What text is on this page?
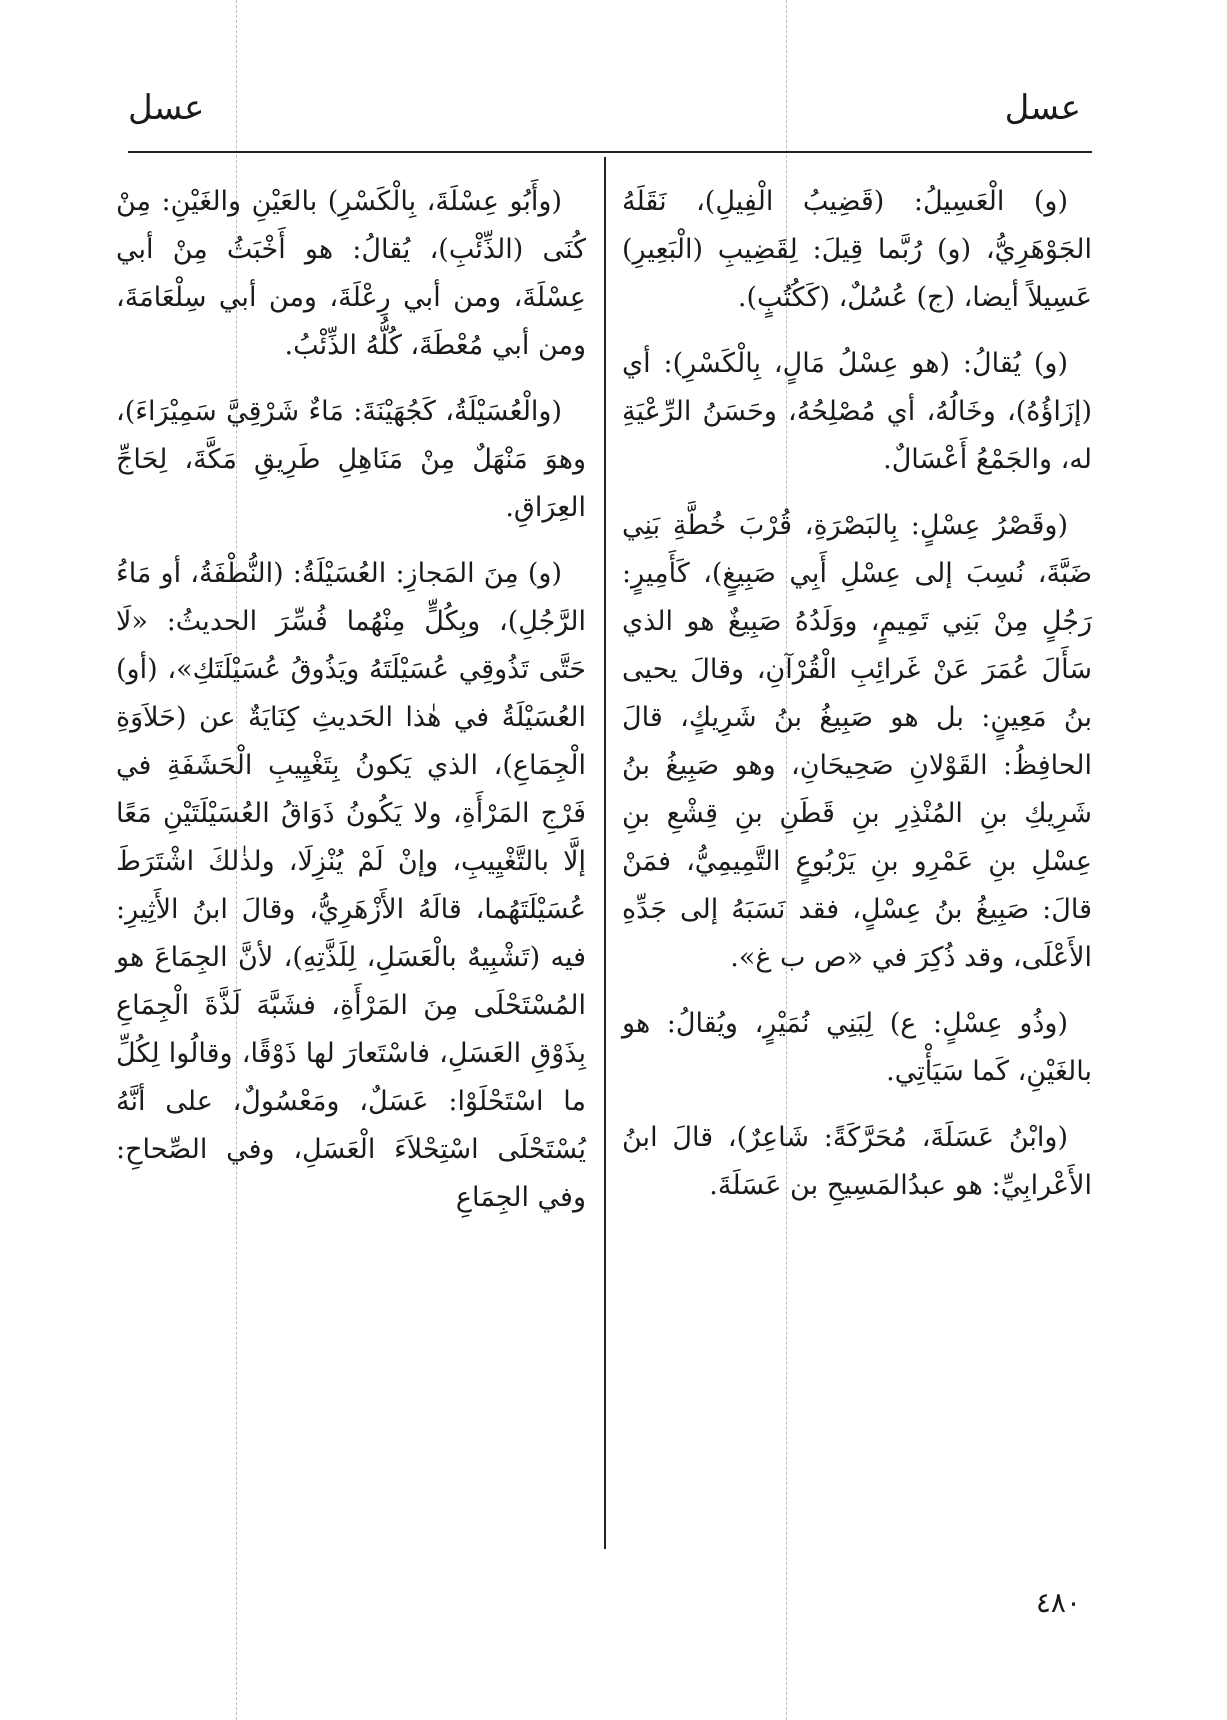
عسل
عسل

(و) الْعَسِيلُ: (قَضِيبُ الْفِيلِ)، نَقَلَهُ الجَوْهَرِيُّ، (و) رُبَّما قِيلَ: لِقَضِيبِ (الْبَعِيرِ) عَسِيلاً أيضا، (ج) عُسُلٌ، (كَكُتُبٍ).

(و) يُقالُ: (هو عِسْلُ مَالٍ، بِالْكَسْرِ): أي (إزَاؤُهُ)، وخَالُهُ، أي مُصْلِحُهُ، وحَسَنُ الرِّعْيَةِ له، والجَمْعُ أَعْسَالٌ.

(وقَصْرُ عِسْلٍ: بِالبَصْرَةِ، قُرْبَ خُطَّةِ بَنِي ضَبَّةَ، نُسِبَ إلى عِسْلِ أَبِي صَبِيغٍ)، كَأَمِيرٍ: رَجُلٍ مِنْ بَنِي تَمِيمٍ، ووَلَدُهُ صَبِيغٌ هو الذي سَأَلَ عُمَرَ عَنْ غَرائِبِ الْقُرْآنِ، وقالَ يحيى بنُ مَعِينٍ: بل هو صَبِيغُ بنُ شَرِيكٍ، قالَ الحافِظُ: القَوْلانِ صَحِيحَانِ، وهو صَبِيغُ بنُ شَرِيكِ بنِ المُنْذِرِ بنِ قَطَنِ بنِ قِشْعِ بنِ عِسْلِ بنِ عَمْرِو بنِ يَرْبُوعٍ التَّمِيمِيُّ، فمَنْ قالَ: صَبِيغُ بنُ عِسْلٍ، فقد نَسَبَهُ إلى جَدِّهِ الأَعْلَى، وقد ذُكِرَ في «ص ب غ».

(وذُو عِسْلٍ: ع) لِبَنِي نُمَيْرٍ، ويُقالُ: هو بالغَيْنِ، كَما سَيَأْتِي.

(وابْنُ عَسَلَةَ، مُحَرَّكَةً: شَاعِرٌ)، قالَ ابنُ الأَعْرابِيِّ: هو عبدُالمَسِيحِ بن عَسَلَةَ.

(وأَبُو عِسْلَةَ، بِالْكَسْرِ) بالعَيْنِ والغَيْنِ: مِنْ كُنَى (الذِّئْبِ)، يُقالُ: هو أَخْبَثُ مِنْ أبي عِسْلَةَ، ومن أبي رِعْلَةَ، ومن أبي سِلْعَامَةَ، ومن أبي مُعْطَةَ، كُلُّهُ الذِّئْبُ.

(والْعُسَيْلَةُ، كَجُهَيْنَةَ: مَاءٌ شَرْقِيَّ سَمِيْرَاءَ)، وهوَ مَنْهَلٌ مِنْ مَنَاهِلِ طَرِيقِ مَكَّةَ، لِحَاجِّ العِرَاقِ.

(و) مِنَ المَجازِ: العُسَيْلَةُ: (النُّطْفَةُ، أو مَاءُ الرَّجُلِ)، وبِكُلٍّ مِنْهُما فُسِّرَ الحديثُ: «لَا حَتَّى تَذُوقِي عُسَيْلَتَهُ ويَذُوقُ عُسَيْلَتَكِ»، (أو) العُسَيْلَةُ في هٰذا الحَديثِ كِنَايَةٌ عن (حَلاَوَةِ الْجِمَاعِ)، الذي يَكونُ بِتَغْيِيبِ الْحَشَفَةِ في فَرْجِ المَرْأَةِ، ولا يَكُونُ ذَوَاقُ العُسَيْلَتَيْنِ مَعًا إلَّا بالتَّغْيِيبِ، وإنْ لَمْ يُنْزِلَا، ولذٰلكَ اشْتَرَطَ عُسَيْلَتَهُما، قالَهُ الأَزْهَرِيُّ، وقالَ ابنُ الأَثِيرِ: فيه (تَشْبِيهٌ بالْعَسَلِ، لِلَذَّتِهِ)، لأنَّ الجِمَاعَ هو المُسْتَحْلَى مِنَ المَرْأَةِ، فشَبَّهَ لَذَّةَ الْجِمَاعِ بِذَوْقِ العَسَلِ، فاسْتَعارَ لها ذَوْقًا، وقالُوا لِكُلِّ ما اسْتَحْلَوْا: عَسَلٌ، ومَعْسُولٌ، على أنَّهُ يُسْتَحْلَى اسْتِحْلاَءَ الْعَسَلِ، وفي الصِّحاحِ: وفي الجِمَاعِ

٤٨٠
